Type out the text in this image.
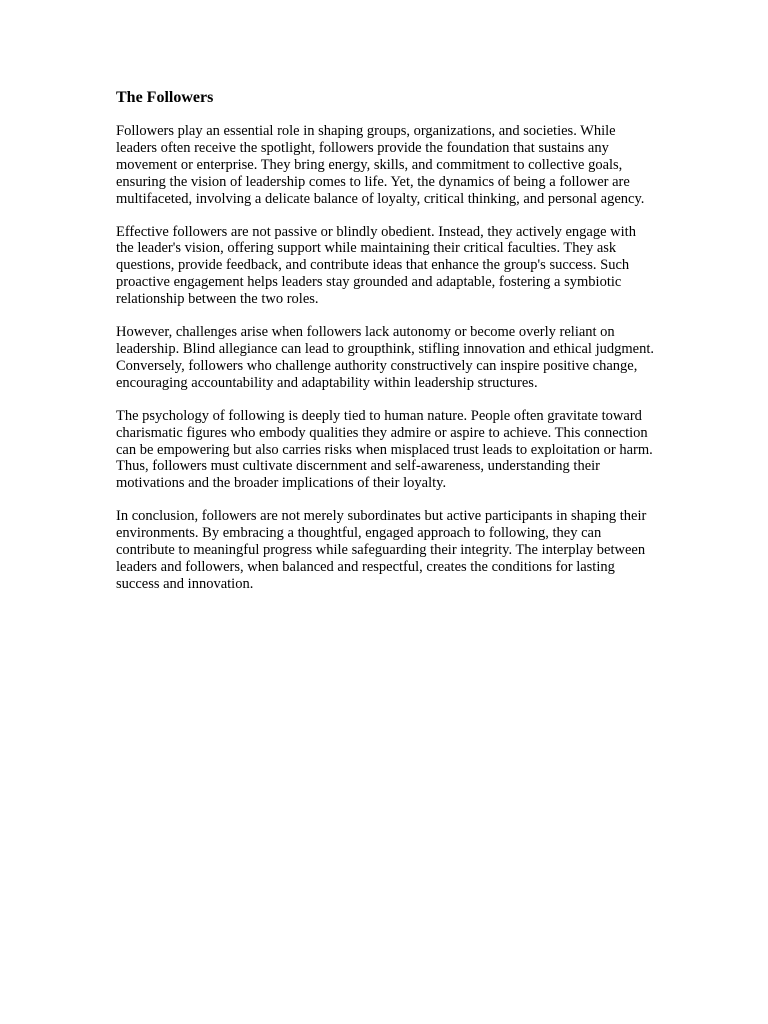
The Followers

Followers play an essential role in shaping groups, organizations, and societies. While leaders often receive the spotlight, followers provide the foundation that sustains any movement or enterprise. They bring energy, skills, and commitment to collective goals, ensuring the vision of leadership comes to life. Yet, the dynamics of being a follower are multifaceted, involving a delicate balance of loyalty, critical thinking, and personal agency.

Effective followers are not passive or blindly obedient. Instead, they actively engage with the leader's vision, offering support while maintaining their critical faculties. They ask questions, provide feedback, and contribute ideas that enhance the group's success. Such proactive engagement helps leaders stay grounded and adaptable, fostering a symbiotic relationship between the two roles.

However, challenges arise when followers lack autonomy or become overly reliant on leadership. Blind allegiance can lead to groupthink, stifling innovation and ethical judgment. Conversely, followers who challenge authority constructively can inspire positive change, encouraging accountability and adaptability within leadership structures.

The psychology of following is deeply tied to human nature. People often gravitate toward charismatic figures who embody qualities they admire or aspire to achieve. This connection can be empowering but also carries risks when misplaced trust leads to exploitation or harm. Thus, followers must cultivate discernment and self-awareness, understanding their motivations and the broader implications of their loyalty.

In conclusion, followers are not merely subordinates but active participants in shaping their environments. By embracing a thoughtful, engaged approach to following, they can contribute to meaningful progress while safeguarding their integrity. The interplay between leaders and followers, when balanced and respectful, creates the conditions for lasting success and innovation.
